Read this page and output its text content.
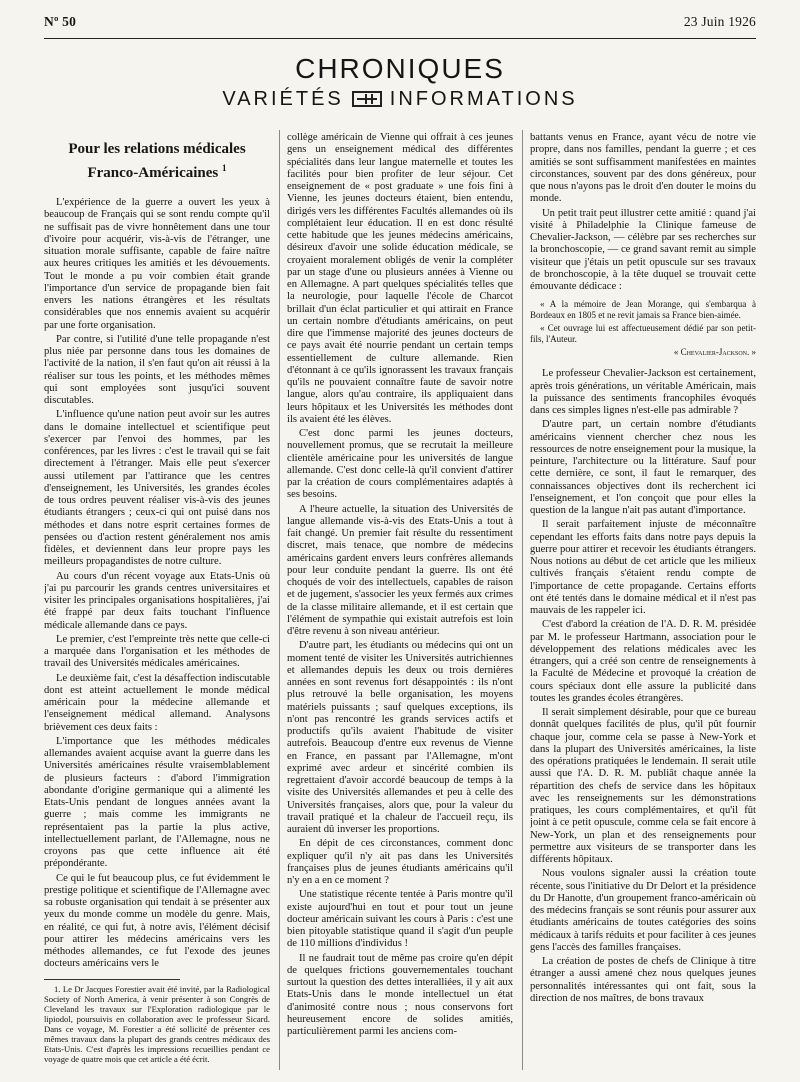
Nº 50	23 Juin 1926
CHRONIQUES
VARIÉTÉS INFORMATIONS
Pour les relations médicales
Franco-Américaines $^1$

L'expérience de la guerre a ouvert les yeux à beaucoup de Français qui se sont rendu compte qu'il ne suffisait pas de vivre honnêtement dans une tour d'ivoire pour acquérir, vis-à-vis de l'étranger, une situation morale suffisante, capable de faire naître aux heures critiques les amitiés et les dévouements. Tout le monde a pu voir combien était grande l'importance d'un service de propagande bien fait envers les nations étrangères et les résultats considérables que nos ennemis avaient su acquérir par une forte organisation.

Par contre, si l'utilité d'une telle propagande n'est plus niée par personne dans tous les domaines de l'activité de la nation, il s'en faut qu'on ait réussi à la réaliser sur tous les points, et les méthodes mêmes qui sont employées sont jusqu'ici souvent discutables.

L'influence qu'une nation peut avoir sur les autres dans le domaine intellectuel et scientifique peut s'exercer par l'envoi des hommes, par les conférences, par les livres : c'est le travail qui se fait directement à l'étranger. Mais elle peut s'exercer aussi utilement par l'attirance que les centres d'enseignement, les Universités, les grandes écoles de tous ordres peuvent réaliser vis-à-vis des jeunes étudiants étrangers ; ceux-ci qui ont puisé dans nos méthodes et dans notre esprit certaines formes de pensées ou d'action restent généralement nos amis fidèles, et deviennent dans leur propre pays les meilleurs propagandistes de notre culture.

Au cours d'un récent voyage aux Etats-Unis où j'ai pu parcourir les grands centres universitaires et visiter les principales organisations hospitalières, j'ai été frappé par deux faits touchant l'influence médicale allemande dans ce pays.

Le premier, c'est l'empreinte très nette que celle-ci a marquée dans l'organisation et les méthodes de travail des Universités médicales américaines.

Le deuxième fait, c'est la désaffection indiscutable dont est atteint actuellement le monde médical américain pour la médecine allemande et l'enseignement médical allemand. Analysons brièvement ces deux faits :

L'importance que les méthodes médicales allemandes avaient acquise avant la guerre dans les Universités américaines résulte vraisemblablement de plusieurs facteurs : d'abord l'immigration abondante d'origine germanique qui a alimenté les Etats-Unis pendant de longues années avant la guerre ; mais comme les immigrants ne représentaient pas la partie la plus active, intellectuellement parlant, de l'Allemagne, nous ne croyons pas que cette influence ait été prépondérante.

Ce qui le fut beaucoup plus, ce fut évidemment le prestige politique et scientifique de l'Allemagne avec sa robuste organisation qui tendait à se présenter aux yeux du monde comme un modèle du genre. Mais, en réalité, ce qui fut, à notre avis, l'élément décisif pour attirer les médecins américains vers les méthodes allemandes, ce fut l'exode des jeunes docteurs américains vers le

1. Le Dr Jacques Forestier avait été invité, par la Radiological Society of North America, à venir présenter à son Congrès de Cleveland les travaux sur l'Exploration radiologique par le lipiodol, poursuivis en collaboration avec le professeur Sicard. Dans ce voyage, M. Forestier a été sollicité de présenter ces mêmes travaux dans la plupart des grands centres médicaux des Etats-Unis. C'est d'après les impressions recueillies pendant ce voyage de quatre mois que cet article a été écrit.

collège américain de Vienne qui offrait à ces jeunes gens un enseignement médical des différentes spécialités dans leur langue maternelle et toutes les facilités pour bien profiter de leur séjour. Cet enseignement de « post graduate » une fois fini à Vienne, les jeunes docteurs étaient, bien entendu, dirigés vers les différentes Facultés allemandes où ils complétaient leur éducation. Il en est donc résulté cette habitude que les jeunes médecins américains, désireux d'avoir une solide éducation médicale, se croyaient moralement obligés de venir la compléter par un stage d'une ou plusieurs années à Vienne ou en Allemagne. A part quelques spécialités telles que la neurologie, pour laquelle l'école de Charcot brillait d'un éclat particulier et qui attirait en France un certain nombre d'étudiants américains, on peut dire que l'immense majorité des jeunes docteurs de ce pays avait été nourrie pendant un certain temps essentiellement de culture allemande. Rien d'étonnant à ce qu'ils ignorassent les travaux français qu'ils ne pouvaient connaître faute de savoir notre langue, alors qu'au contraire, ils appliquaient dans leurs hôpitaux et les Universités les méthodes dont ils avaient été les élèves.

C'est donc parmi les jeunes docteurs, nouvellement promus, que se recrutait la meilleure clientèle américaine pour les universités de langue allemande. C'est donc celle-là qu'il convient d'attirer par la création de cours complémentaires adaptés à ses besoins.

A l'heure actuelle, la situation des Universités de langue allemande vis-à-vis des Etats-Unis a tout à fait changé. Un premier fait résulte du ressentiment discret, mais tenace, que nombre de médecins américains gardent envers leurs confrères allemands pour leur conduite pendant la guerre. Ils ont été choqués de voir des intellectuels, capables de raison et de jugement, s'associer les yeux fermés aux crimes de la classe militaire allemande, et il est certain que l'élément de sympathie qui existait autrefois est loin d'être revenu à son niveau antérieur.

D'autre part, les étudiants ou médecins qui ont un moment tenté de visiter les Universités autrichiennes et allemandes depuis les deux ou trois dernières années en sont revenus fort désappointés : ils n'ont plus retrouvé la belle organisation, les moyens matériels puissants ; sauf quelques exceptions, ils n'ont pas rencontré les grands services actifs et productifs qu'ils avaient l'habitude de visiter autrefois. Beaucoup d'entre eux revenus de Vienne en France, en passant par l'Allemagne, m'ont exprimé avec ardeur et sincérité combien ils regrettaient d'avoir accordé beaucoup de temps à la visite des Universités allemandes et peu à celle des Universités françaises, alors que, pour la valeur du travail pratiqué et la chaleur de l'accueil reçu, ils auraient dû inverser les proportions.

En dépit de ces circonstances, comment donc expliquer qu'il n'y ait pas dans les Universités françaises plus de jeunes étudiants américains qu'il n'y en a en ce moment ?

Une statistique récente tentée à Paris montre qu'il existe aujourd'hui en tout et pour tout un jeune docteur américain suivant les cours à Paris : c'est une bien pitoyable statistique quand il s'agit d'un peuple de 110 millions d'individus !

Il ne faudrait tout de même pas croire qu'en dépit de quelques frictions gouvernementales touchant surtout la question des dettes interalliées, il y ait aux Etats-Unis dans le monde intellectuel un état d'animosité contre nous ; nous conservons fort heureusement encore de solides amitiés, particulièrement parmi les anciens com-

battants venus en France, ayant vécu de notre vie propre, dans nos familles, pendant la guerre ; et ces amitiés se sont suffisamment manifestées en maintes circonstances, souvent par des dons généreux, pour que nous n'ayons pas le droit d'en douter le moins du monde.

Un petit trait peut illustrer cette amitié : quand j'ai visité à Philadelphie la Clinique fameuse de Chevalier-Jackson, — célèbre par ses recherches sur la bronchoscopie, — ce grand savant remit au simple visiteur que j'étais un petit opuscule sur ses travaux de bronchoscopie, à la tête duquel se trouvait cette émouvante dédicace :

« A la mémoire de Jean Morange, qui s'embarqua à Bordeaux en 1805 et ne revit jamais sa France bien-aimée.

« Cet ouvrage lui est affectueusement dédié par son petit-fils, l'Auteur.

« Chevalier-Jackson. »

Le professeur Chevalier-Jackson est certainement, après trois générations, un véritable Américain, mais la puissance des sentiments francophiles évoqués dans ces simples lignes n'est-elle pas admirable ?

D'autre part, un certain nombre d'étudiants américains viennent chercher chez nous les ressources de notre enseignement pour la musique, la peinture, l'architecture ou la littérature. Sauf pour cette dernière, ce sont, il faut le remarquer, des connaissances objectives dont ils recherchent ici l'enseignement, et l'on conçoit que pour elles la question de la langue n'ait pas autant d'importance.

Il serait parfaitement injuste de méconnaître cependant les efforts faits dans notre pays depuis la guerre pour attirer et recevoir les étudiants étrangers. Nous notions au début de cet article que les milieux cultivés français s'étaient rendu compte de l'importance de cette propagande. Certains efforts ont été tentés dans le domaine médical et il n'est pas mauvais de les rappeler ici.

C'est d'abord la création de l'A. D. R. M. présidée par M. le professeur Hartmann, association pour le développement des relations médicales avec les étrangers, qui a créé son centre de renseignements à la Faculté de Médecine et provoqué la création de cours spéciaux dont elle assure la publicité dans toutes les grandes écoles étrangères.

Il serait simplement désirable, pour que ce bureau donnât quelques facilités de plus, qu'il pût fournir chaque jour, comme cela se passe à New-York et dans la plupart des Universités américaines, la liste des opérations pratiquées le lendemain. Il serait utile aussi que l'A. D. R. M. publiât chaque année la répartition des chefs de service dans les hôpitaux avec les renseignements sur les démonstrations pratiques, les cours complémentaires, et qu'il fût joint à ce petit opuscule, comme cela se fait encore à New-York, un plan et des renseignements pour permettre aux visiteurs de se transporter dans les différents hôpitaux.

Nous voulons signaler aussi la création toute récente, sous l'initiative du Dr Delort et la présidence du Dr Hanotte, d'un groupement franco-américain où des médecins français se sont réunis pour assurer aux étudiants américains de toutes catégories des soins médicaux à tarifs réduits et pour faciliter à ces jeunes gens l'accès des familles françaises.

La création de postes de chefs de Clinique à titre étranger a aussi amené chez nous quelques jeunes personnalités intéressantes qui ont fait, sous la direction de nos maîtres, de bons travaux
